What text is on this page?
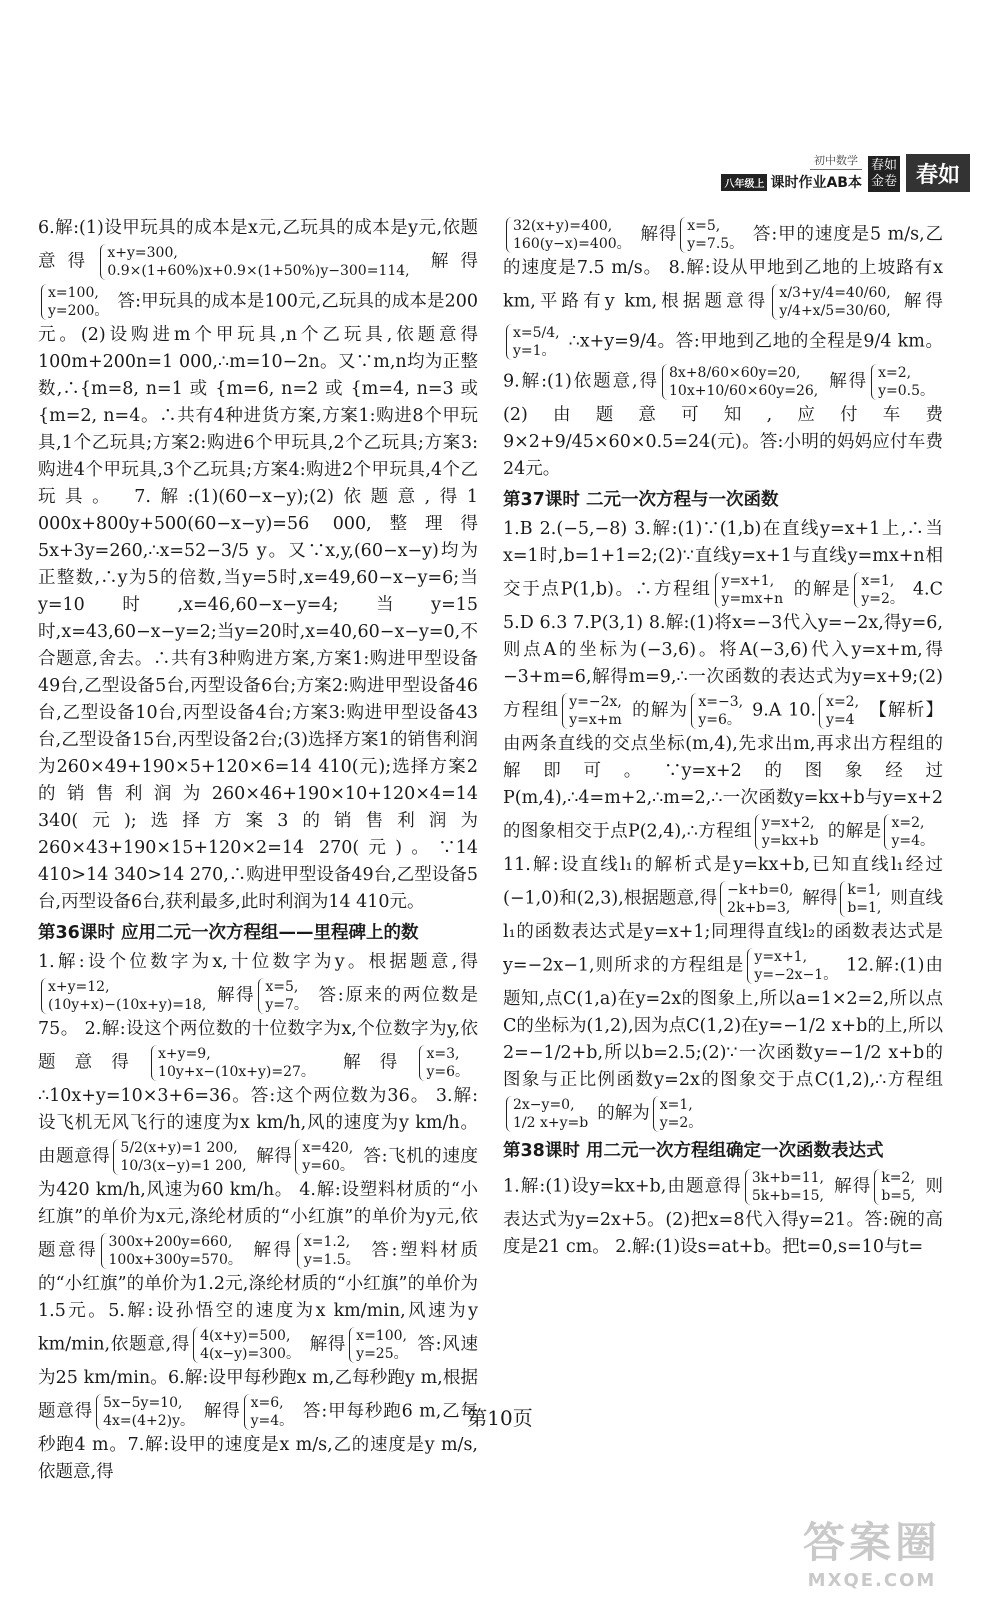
初中数学
八年级上 课时作业AB本
春如
金卷 春如

6.解:(1)设甲玩具的成本是x元,乙玩具的成本是y元,依题意得 x+y=300,
0.9×(1+60%)x+0.9×(1+50%)y−300=114, 解得
x=100,
y=200。 答:甲玩具的成本是100元,乙玩具的成本是200元。(2)设购进m个甲玩具,n个乙玩具,依题意得100m+200n=1 000,∴m=10−2n。又∵m,n均为正整数,∴{m=8, n=1 或 {m=6, n=2 或 {m=4, n=3 或 {m=2, n=4。∴共有4种进货方案,方案1:购进8个甲玩具,1个乙玩具;方案2:购进6个甲玩具,2个乙玩具;方案3:购进4个甲玩具,3个乙玩具;方案4:购进2个甲玩具,4个乙玩具。 7.解:(1)(60−x−y);(2)依题意,得1 000x+800y+500(60−x−y)=56 000,整理得5x+3y=260,∴x=52−3/5 y。又∵x,y,(60−x−y)均为正整数,∴y为5的倍数,当y=5时,x=49,60−x−y=6;当y=10时,x=46,60−x−y=4;当y=15时,x=43,60−x−y=2;当y=20时,x=40,60−x−y=0,不合题意,舍去。∴共有3种购进方案,方案1:购进甲型设备49台,乙型设备5台,丙型设备6台;方案2:购进甲型设备46台,乙型设备10台,丙型设备4台;方案3:购进甲型设备43台,乙型设备15台,丙型设备2台;(3)选择方案1的销售利润为260×49+190×5+120×6=14 410(元);选择方案2的销售利润为260×46+190×10+120×4=14 340(元);选择方案3的销售利润为260×43+190×15+120×2=14 270(元)。∵14 410>14 340>14 270,∴购进甲型设备49台,乙型设备5台,丙型设备6台,获利最多,此时利润为14 410元。

第36课时 应用二元一次方程组——里程碑上的数

1.解:设个位数字为x,十位数字为y。根据题意,得
x+y=12,
(10y+x)−(10x+y)=18, 解得 x=5,
y=7。 答:原来的两位数是75。 2.解:设这个两位数的十位数字为x,个位数字为y,依题意得 x+y=9,
10y+x−(10x+y)=27。 解得 x=3,
y=6。
∴10x+y=10×3+6=36。答:这个两位数为36。 3.解:设飞机无风飞行的速度为x km/h,风的速度为y km/h。由题意得 5/2(x+y)=1 200,
10/3(x−y)=1 200, 解得 x=420,
y=60。 答:飞机的速度为420 km/h,风速为60 km/h。 4.解:设塑料材质的“小红旗”的单价为x元,涤纶材质的“小红旗”的单价为y元,依题意得 300x+200y=660,
100x+300y=570。 解得 x=1.2,
y=1.5。 答:塑料材质的“小红旗”的单价为1.2元,涤纶材质的“小红旗”的单价为1.5元。5.解:设孙悟空的速度为x km/min,风速为y km/min,依题意,得 4(x+y)=500,
4(x−y)=300。 解得 x=100,
y=25。 答:风速为25 km/min。6.解:设甲每秒跑x m,乙每秒跑y m,根据题意得 5x−5y=10,
4x=(4+2)y。 解得 x=6,
y=4。 答:甲每秒跑6 m,乙每秒跑4 m。7.解:设甲的速度是x m/s,乙的速度是y m/s,依题意,得

32(x+y)=400,
160(y−x)=400。 解得 x=5,
y=7.5。 答:甲的速度是5 m/s,乙的速度是7.5 m/s。 8.解:设从甲地到乙地的上坡路有x km,平路有y km,根据题意得 x/3+y/4=40/60,
y/4+x/5=30/60, 解得
x=5/4,
y=1。 ∴x+y=9/4。答:甲地到乙地的全程是9/4 km。 9.解:(1)依题意,得 8x+8/60×60y=20,
10x+10/60×60y=26, 解得 x=2,
y=0.5。
(2)由题意可知,应付车费9×2+9/45×60×0.5=24(元)。答:小明的妈妈应付车费24元。

第37课时 二元一次方程与一次函数

1.B 2.(−5,−8) 3.解:(1)∵(1,b)在直线y=x+1上,∴当x=1时,b=1+1=2;(2)∵直线y=x+1与直线y=mx+n相交于点P(1,b)。∴方程组 y=x+1,
y=mx+n 的解是 x=1,
y=2。 4.C 5.D 6.3 7.P(3,1) 8.解:(1)将x=−3代入y=−2x,得y=6,则点A的坐标为(−3,6)。将A(−3,6)代入y=x+m,得−3+m=6,解得m=9,∴一次函数的表达式为y=x+9;(2)方程组 y=−2x,
y=x+m 的解为 x=−3,
y=6。 9.A 10. x=2,
y=4 【解析】由两条直线的交点坐标(m,4),先求出m,再求出方程组的解即可。∵y=x+2的图象经过P(m,4),∴4=m+2,∴m=2,∴一次函数y=kx+b与y=x+2的图象相交于点P(2,4),∴方程组 y=x+2,
y=kx+b 的解是 x=2,
y=4。
11.解:设直线l₁的解析式是y=kx+b,已知直线l₁经过(−1,0)和(2,3),根据题意,得 −k+b=0,
2k+b=3, 解得 k=1,
b=1, 则直线l₁的函数表达式是y=x+1;同理得直线l₂的函数表达式是y=−2x−1,则所求的方程组是 y=x+1,
y=−2x−1。 12.解:(1)由题知,点C(1,a)在y=2x的图象上,所以a=1×2=2,所以点C的坐标为(1,2),因为点C(1,2)在y=−1/2 x+b的上,所以2=−1/2+b,所以b=2.5;(2)∵一次函数y=−1/2 x+b的图象与正比例函数y=2x的图象交于点C(1,2),∴方程组
2x−y=0,
1/2 x+y=b 的解为 x=1,
y=2。

第38课时 用二元一次方程组确定一次函数表达式

1.解:(1)设y=kx+b,由题意得 3k+b=11,
5k+b=15, 解得 k=2,
b=5, 则表达式为y=2x+5。(2)把x=8代入得y=21。答:碗的高度是21 cm。 2.解:(1)设s=at+b。把t=0,s=10与t=

第10页
答案圈
MXQE.COM
